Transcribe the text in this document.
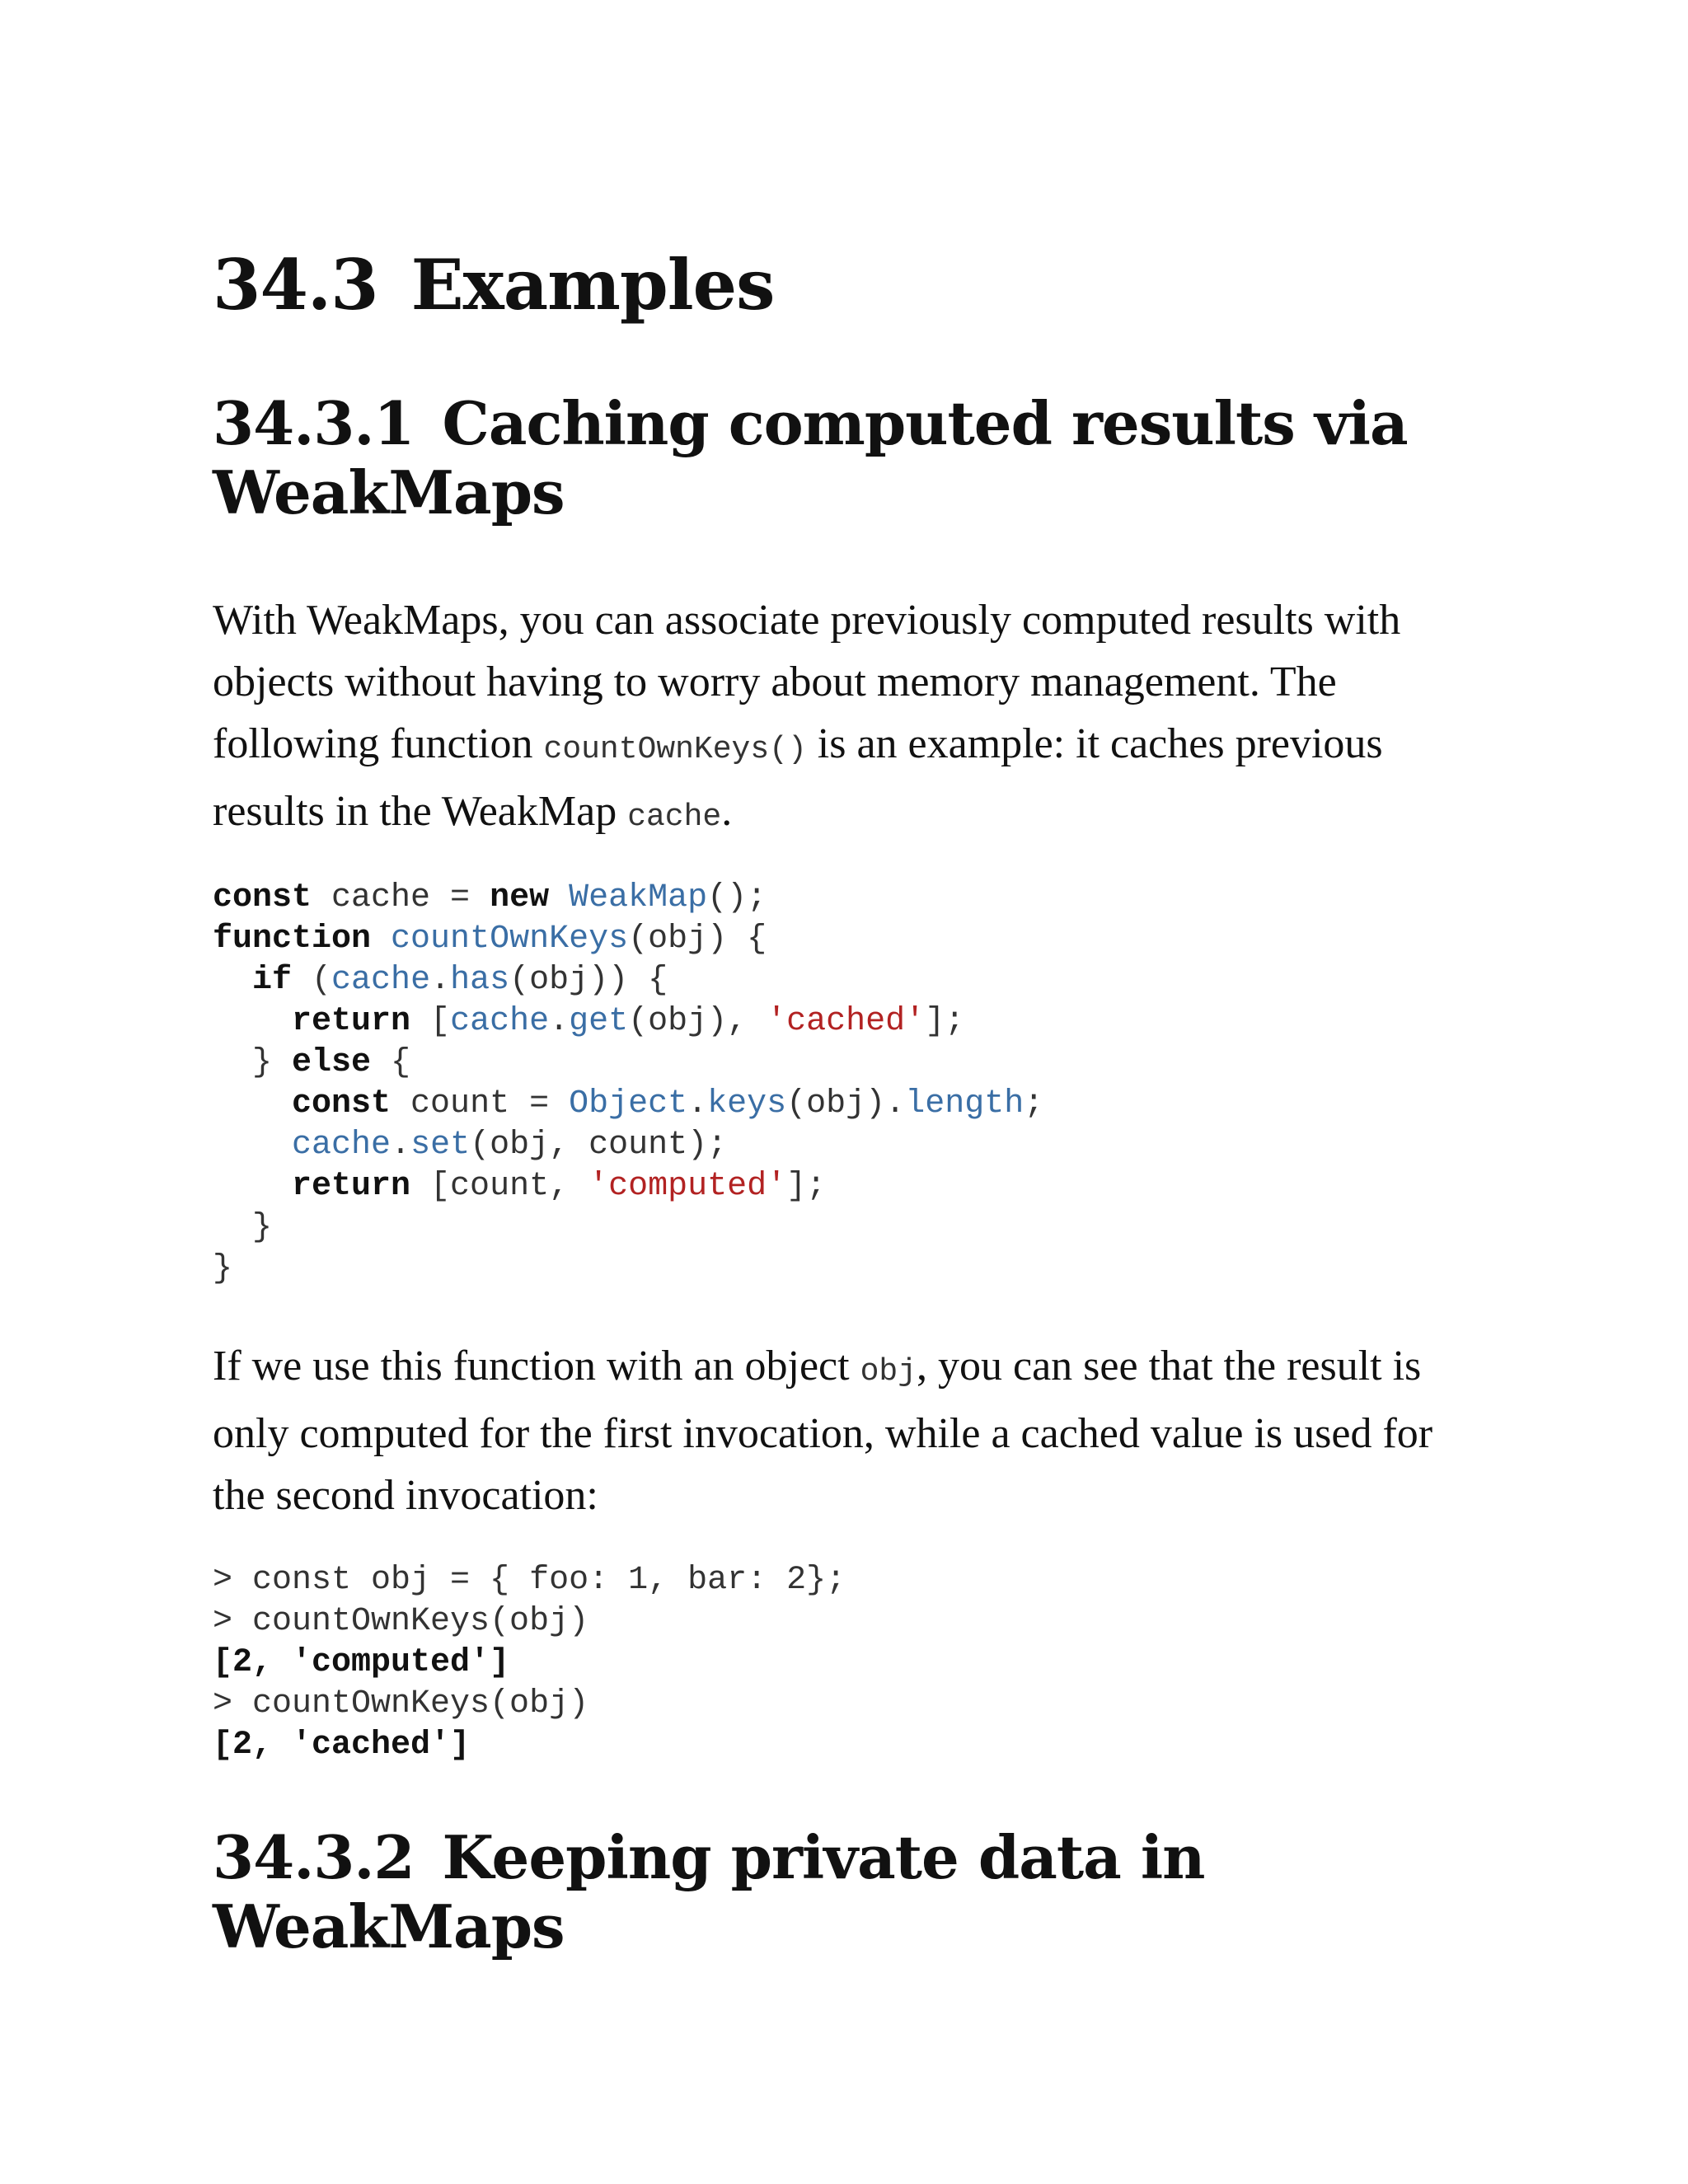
34.3 Examples
34.3.1 Caching computed results via
WeakMaps

With WeakMaps, you can associate previously computed results with objects without having to worry about memory management. The following function countOwnKeys() is an example: it caches previous results in the WeakMap cache.

const cache = new WeakMap();
function countOwnKeys(obj) {
if (cache.has(obj)) {
return [cache.get(obj), 'cached'];
} else {
const count = Object.keys(obj).length;
cache.set(obj, count);
return [count, 'computed'];
}
}

If we use this function with an object obj, you can see that the result is only computed for the first invocation, while a cached value is used for the second invocation:

> const obj = { foo: 1, bar: 2};
> countOwnKeys(obj)
[2, 'computed']
> countOwnKeys(obj)
[2, 'cached']
34.3.2 Keeping private data in
WeakMaps
